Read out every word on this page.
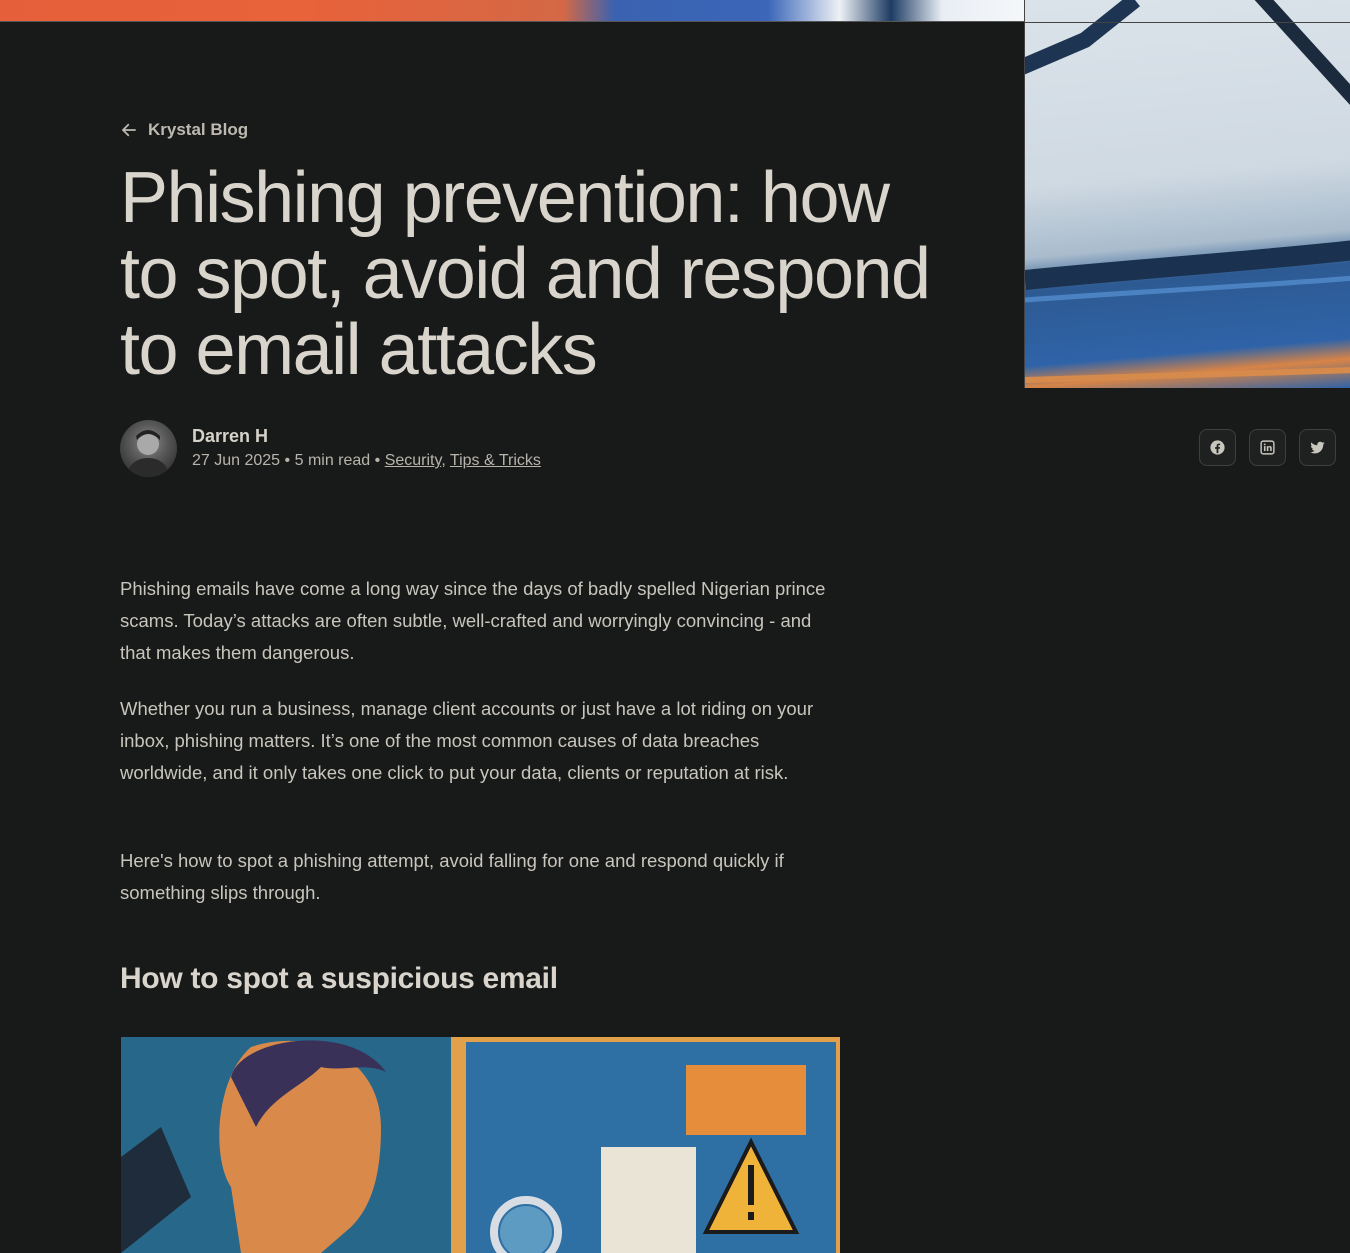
Krystal Blog
Phishing prevention: how to spot, avoid and respond to email attacks
Darren H
27 Jun 2025 • 5 min read • Security, Tips & Tricks

Phishing emails have come a long way since the days of badly spelled Nigerian prince scams. Today’s attacks are often subtle, well-crafted and worryingly convincing - and that makes them dangerous.

Whether you run a business, manage client accounts or just have a lot riding on your inbox, phishing matters. It’s one of the most common causes of data breaches worldwide, and it only takes one click to put your data, clients or reputation at risk.

Here's how to spot a phishing attempt, avoid falling for one and respond quickly if something slips through.

How to spot a suspicious email
